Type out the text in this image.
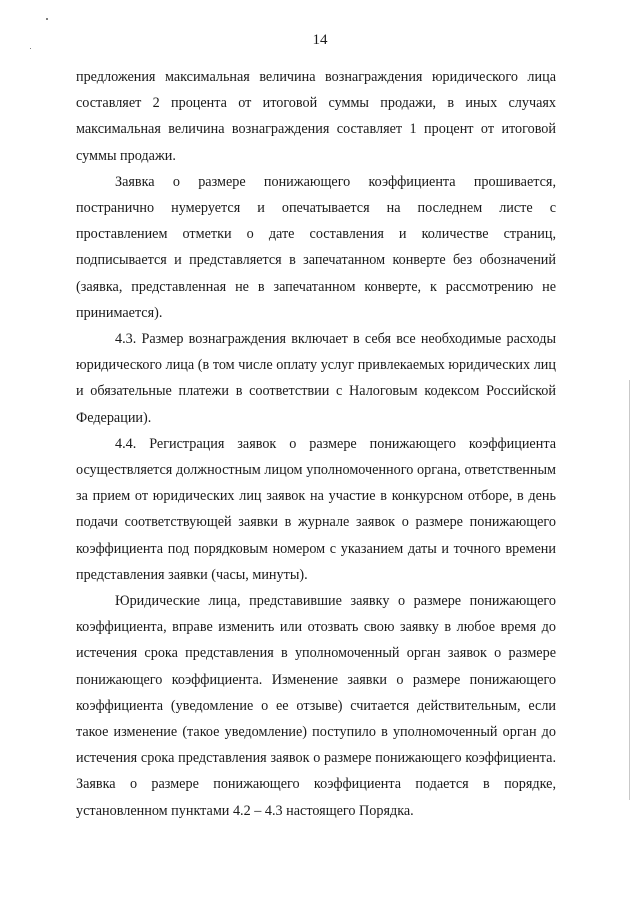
14

предложения максимальная величина вознаграждения юридического лица составляет 2 процента от итоговой суммы продажи, в иных случаях максимальная величина вознаграждения составляет 1 процент от итоговой суммы продажи.

Заявка о размере понижающего коэффициента прошивается, постранично нумеруется и опечатывается на последнем листе с проставлением отметки о дате составления и количестве страниц, подписывается и представляется в запечатанном конверте без обозначений (заявка, представленная не в запечатанном конверте, к рассмотрению не принимается).

4.3. Размер вознаграждения включает в себя все необходимые расходы юридического лица (в том числе оплату услуг привлекаемых юридических лиц и обязательные платежи в соответствии с Налоговым кодексом Российской Федерации).

4.4. Регистрация заявок о размере понижающего коэффициента осуществляется должностным лицом уполномоченного органа, ответственным за прием от юридических лиц заявок на участие в конкурсном отборе, в день подачи соответствующей заявки в журнале заявок о размере понижающего коэффициента под порядковым номером с указанием даты и точного времени представления заявки (часы, минуты).

Юридические лица, представившие заявку о размере понижающего коэффициента, вправе изменить или отозвать свою заявку в любое время до истечения срока представления в уполномоченный орган заявок о размере понижающего коэффициента. Изменение заявки о размере понижающего коэффициента (уведомление о ее отзыве) считается действительным, если такое изменение (такое уведомление) поступило в уполномоченный орган до истечения срока представления заявок о размере понижающего коэффициента. Заявка о размере понижающего коэффициента подается в порядке, установленном пунктами 4.2 – 4.3 настоящего Порядка.
